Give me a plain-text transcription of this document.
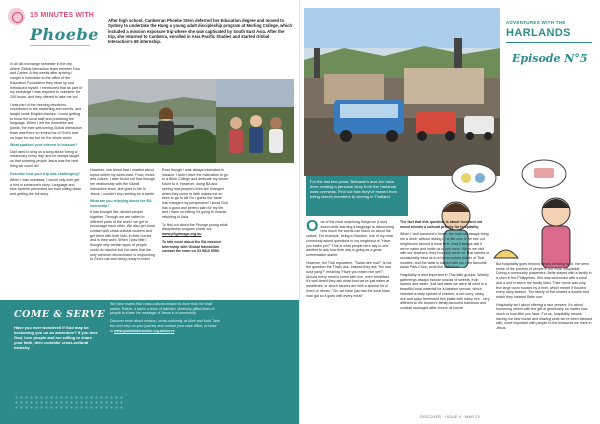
15 MINUTES WITH
Phoebe
After high school, Canberran Phoebe Stern deferred her Education degree and moved to Sydney to undertake the Hung a young adult discipleship program at Morling College, which included a mission exposure trip where she was captivated by South East Asia. After the trip, she returned to Canberra, enrolled in Asia Pacific Studies and started Global Interaction's 68 internship.

In all did exchange semester in the city where Global Interaction team member Dan and Carlee. A few weeks after arriving I caught a motorbike to the office of the Education Foundation they head up and introduced myself. I mentioned that as part of my exchange I was required to volunteer for 200 hours, and they offered to take me on!

I was part of the morning devotions, contributed to the marketing and events, and taught some English classes. I loved getting to know the local staff and practising the language. When I left the motorbike taxi points, the ever-welcoming Global Interaction team was there to remind me of God's love no hope for me but for the whole world.

What sparked your interest in mission?

Dad used to sing us a song about 'being a missionary every day' and he always taught us that showing people Jesus was the best thing we could do!

Describe how your trip was challenging?

When I was overseas, I would only ever get a hint of someone's story. Language and time barriers prevented me from sitting down and getting the full story.

However, one friend that I chatted about topics within my week-hard. Food, music and culture. I later found out that through her relationship with the Global Interaction team, she goes to life to Jesus. I couldn't stop smiling for a week!

What are you enjoying about the BA internship?

It has brought like-minded people together. Through we are called to different parts of the world, we get to encourage each other. We also get close contact with cross-cultural workers and get them with their kids, in their homes and in their work. When I was little I thought only certain types of people could do mission but I've seen that the only common denominator is responding to God's call and being ready to learn!

Even though I was always interested in mission, I didn't have the motivation to go to a Bible College and dedicate my whole future to it. However, doing BA and seeing how people's lives are changed when they come to faith makes me so keen to go to all! So I guess the 'taste' has changed my perspective! I know God has a good and perfect plan for my life, and I have no inkling it's going to include returning to Asia.

To find out about the Phunge young adult discipleship program check out www.pilgrimage.org.au

To talk more about the BA mission Internship with Global Interaction contact the team on 03 9810 9590.

COME & SERVE
Have you ever wondered if God may be beckoning you on an adventure? If you love God, love people and are willing to share your faith, then consider cross-cultural ministry.

We have teams that cross-cultural mission is more than the lead pastor. Rather, it takes a team of talented, diversely gifted team of people to share the message of Jesus in a community.

Discover more about mission, cross-culturally, at Alive and Kick! Take the next step on your journey and contact your state office, or head to www.globalinteraction.org.au/serve

ADVENTURES WITH THE
HARLANDS
Episode N°5
For the last few years, Bethanie's and Jon have been reading a personal story from the Harlands' work overseas. Find out how they've moved from being church members to serving in Thailand.

One of the most surprising things we (Luke) found while learning a language is discovering how much the words can teach us about the culture. For example, being in Bandon, one of my most commonly asked questions to my neighbour is "Have you eaten yet?" This is what people here say to one another to ask how their day is going as a great conversation starter.

However, the Thai equivalent, "Sabai dee mai?" is not the question the Thai's ask. Instead they ask "Kin kao ruea yang?" meaning "Have you eaten rice yet?". Almost every meal is some with rice, even breakfast. It's well-timed they ask what food we've just eaten at mealtimes, or which sauces are with a special bit of lunch or dinner. "Oh, we have just had the local khao man gai so it goes with every meal!"

The fact that this question is about food and not mood reveals a cultural priority for hospitality.

When I visit someone's home, the host will always bring me a drink, without asking it I'd like one. If we see our neighbours around a meal time, they'll always ask if we've eaten and invite us to join them. When we visit with our teachers, they'll usually serve us Thai sweets or occasionally treat us to a homecooked dinner of Thai noodles, and the table is loaded with our new favourite Asian Pais-Chop, scott-like selection!

Hospitality is also important in Thai faith groups. Weekly gatherings always include snacks of sweets, fruit, sweets and water. Just last week we were all went to a beautiful local waterfall for a baptism service, which included a tasty spread of chicken, a red curry, sticky rice and spicy fermented fish paste with sticky rice - very different to the Amarin's family-favoured barbecue and cocktail sausages after church at home!

But hospitality goes beyond simply sending food. I've seen some of the poorest of people in the most hospitable. During a community placement, Belle stayed with a family in a slum in the Philippines. She was welcomed with a meal and a unit in which the family lived. Their home was only few large room houses by a river, which meant it flooded every rainy season. The family of five shared a double bed which they insisted Belle use.

Hospitality isn't about offering a nice present. It's about honouring others with the gift of generosity no matter how much or how little you have. For us, hospitality means having our new house and sharing what we've been blessed with, most important with people to the treasures we have in Jesus.

DISCOVER · ISSUE 4 · MAR 23
